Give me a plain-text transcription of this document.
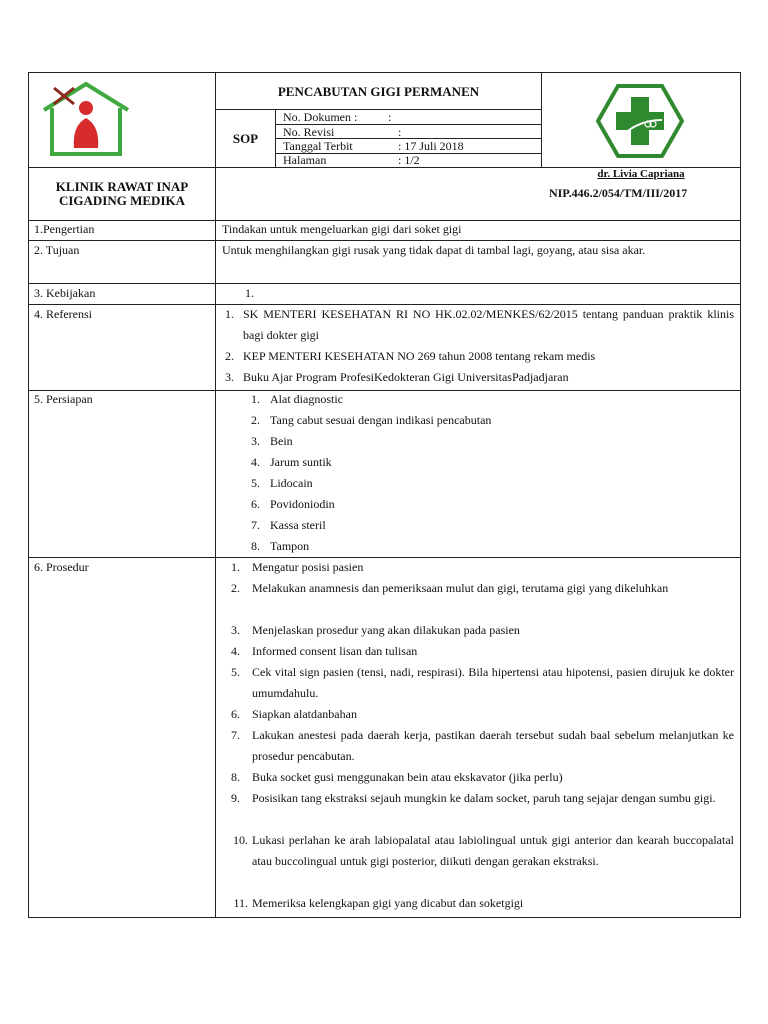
PENCABUTAN GIGI PERMANEN
SOP
No. Dokumen :	:
No. Revisi	:
Tanggal Terbit	: 17 Juli 2018
Halaman	: 1/2
KLINIK RAWAT INAP
CIGADING MEDIKA
dr. Livia Capriana
NIP.446.2/054/TM/III/2017
1.Pengertian	Tindakan untuk mengeluarkan gigi dari soket gigi
2. Tujuan	Untuk menghilangkan gigi rusak yang tidak dapat di tambal lagi, goyang, atau sisa akar.
3. Kebijakan	1.
4. Referensi	1. SK MENTERI KESEHATAN RI NO HK.02.02/MENKES/62/2015 tentang panduan praktik klinis bagi dokter gigi
2. KEP MENTERI KESEHATAN NO 269 tahun 2008 tentang rekam medis
3. Buku Ajar Program ProfesiKedokteran Gigi UniversitasPadjadjaran
5. Persiapan	1. Alat diagnostic
2. Tang cabut sesuai dengan indikasi pencabutan
3. Bein
4. Jarum suntik
5. Lidocain
6. Povidoniodin
7. Kassa steril
8. Tampon
6. Prosedur	1. Mengatur posisi pasien
2. Melakukan anamnesis dan pemeriksaan mulut dan gigi, terutama gigi yang dikeluhkan
3. Menjelaskan prosedur yang akan dilakukan pada pasien
4. Informed consent lisan dan tulisan
5. Cek vital sign pasien (tensi, nadi, respirasi). Bila hipertensi atau hipotensi, pasien dirujuk ke dokter umumdahulu.
6. Siapkan alatdanbahan
7. Lakukan anestesi pada daerah kerja, pastikan daerah tersebut sudah baal sebelum melanjutkan ke prosedur pencabutan.
8. Buka socket gusi menggunakan bein atau ekskavator (jika perlu)
9. Posisikan tang ekstraksi sejauh mungkin ke dalam socket, paruh tang sejajar dengan sumbu gigi.
10. Lukasi perlahan ke arah labiopalatal atau labiolingual untuk gigi anterior dan kearah buccopalatal atau buccolingual untuk gigi posterior, diikuti dengan gerakan ekstraksi.
11. Memeriksa kelengkapan gigi yang dicabut dan soketgigi
